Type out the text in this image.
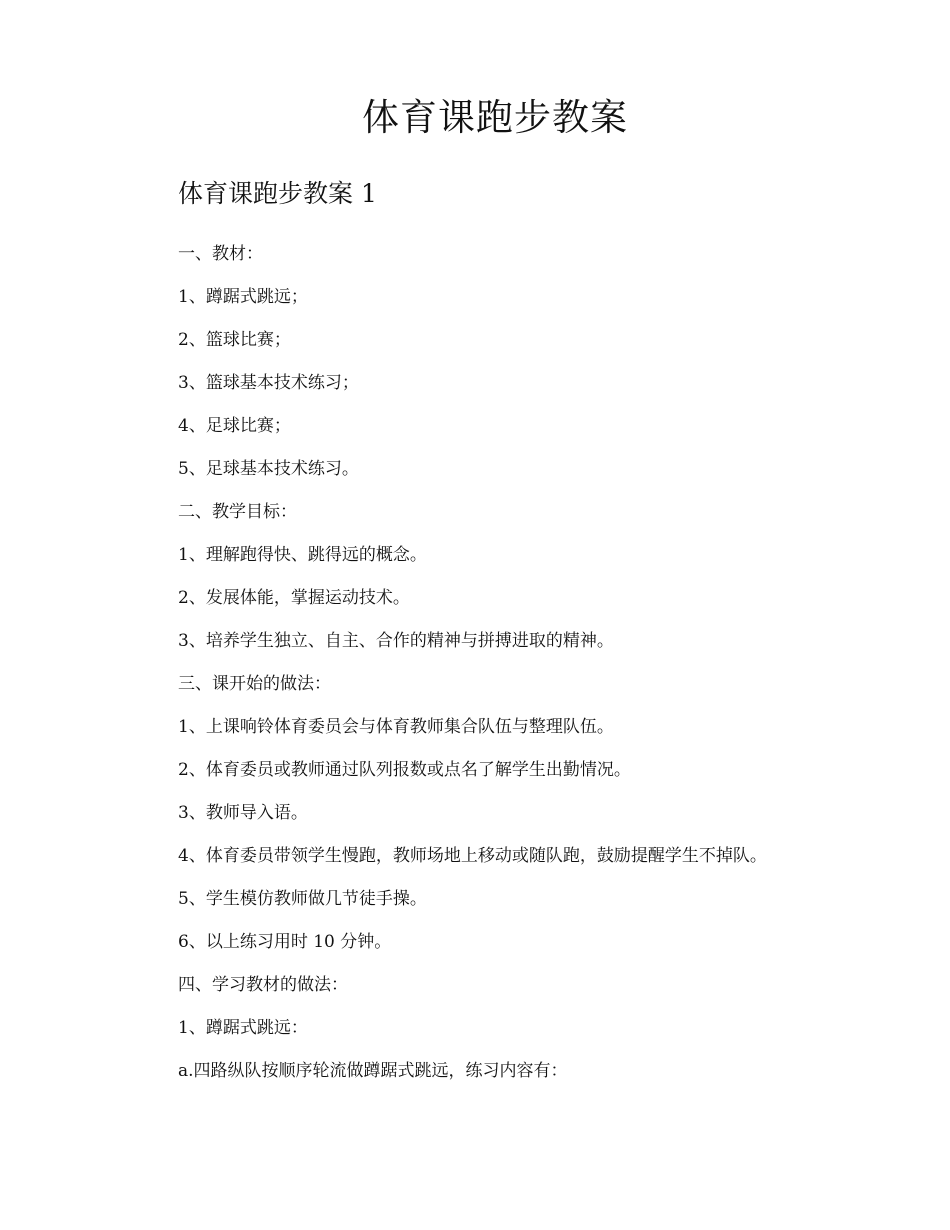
体育课跑步教案
体育课跑步教案 1

一、教材：

1、蹲踞式跳远；

2、篮球比赛；

3、篮球基本技术练习；

4、足球比赛；

5、足球基本技术练习。

二、教学目标：

1、理解跑得快、跳得远的概念。

2、发展体能，掌握运动技术。

3、培养学生独立、自主、合作的精神与拼搏进取的精神。

三、课开始的做法：

1、上课响铃体育委员会与体育教师集合队伍与整理队伍。

2、体育委员或教师通过队列报数或点名了解学生出勤情况。

3、教师导入语。

4、体育委员带领学生慢跑，教师场地上移动或随队跑，鼓励提醒学生不掉队。

5、学生模仿教师做几节徒手操。

6、以上练习用时 10 分钟。

四、学习教材的做法：

1、蹲踞式跳远：

a.四路纵队按顺序轮流做蹲踞式跳远，练习内容有：
